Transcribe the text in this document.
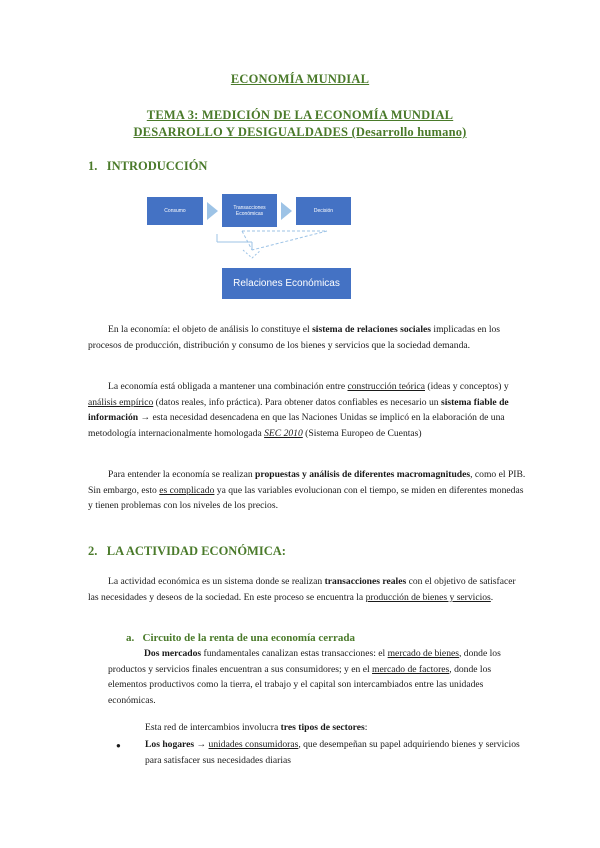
ECONOMÍA MUNDIAL
TEMA 3: MEDICIÓN DE LA ECONOMÍA MUNDIAL
DESARROLLO Y DESIGUALDADES (Desarrollo humano)
1. INTRODUCCIÓN
Consumo
Transacciones Económicas	Decisión
Relaciones Económicas
En la economía: el objeto de análisis lo constituye el sistema de relaciones sociales implicadas en los procesos de producción, distribución y consumo de los bienes y servicios que la sociedad demanda.
La economía está obligada a mantener una combinación entre construcción teórica (ideas y conceptos) y análisis empírico (datos reales, info práctica). Para obtener datos confiables es necesario un sistema fiable de información → esta necesidad desencadena en que las Naciones Unidas se implicó en la elaboración de una metodología internacionalmente homologada SEC 2010 (Sistema Europeo de Cuentas)
Para entender la economía se realizan propuestas y análisis de diferentes macromagnitudes, como el PIB. Sin embargo, esto es complicado ya que las variables evolucionan con el tiempo, se miden en diferentes monedas y tienen problemas con los niveles de los precios.
2. LA ACTIVIDAD ECONÓMICA:
La actividad económica es un sistema donde se realizan transacciones reales con el objetivo de satisfacer las necesidades y deseos de la sociedad. En este proceso se encuentra la producción de bienes y servicios.
a. Circuito de la renta de una economía cerrada
Dos mercados fundamentales canalizan estas transacciones: el mercado de bienes, donde los productos y servicios finales encuentran a sus consumidores; y en el mercado de factores, donde los elementos productivos como la tierra, el trabajo y el capital son intercambiados entre las unidades económicas.
Esta red de intercambios involucra tres tipos de sectores:
●	Los hogares → unidades consumidoras, que desempeñan su papel adquiriendo bienes y servicios para satisfacer sus necesidades diarias
